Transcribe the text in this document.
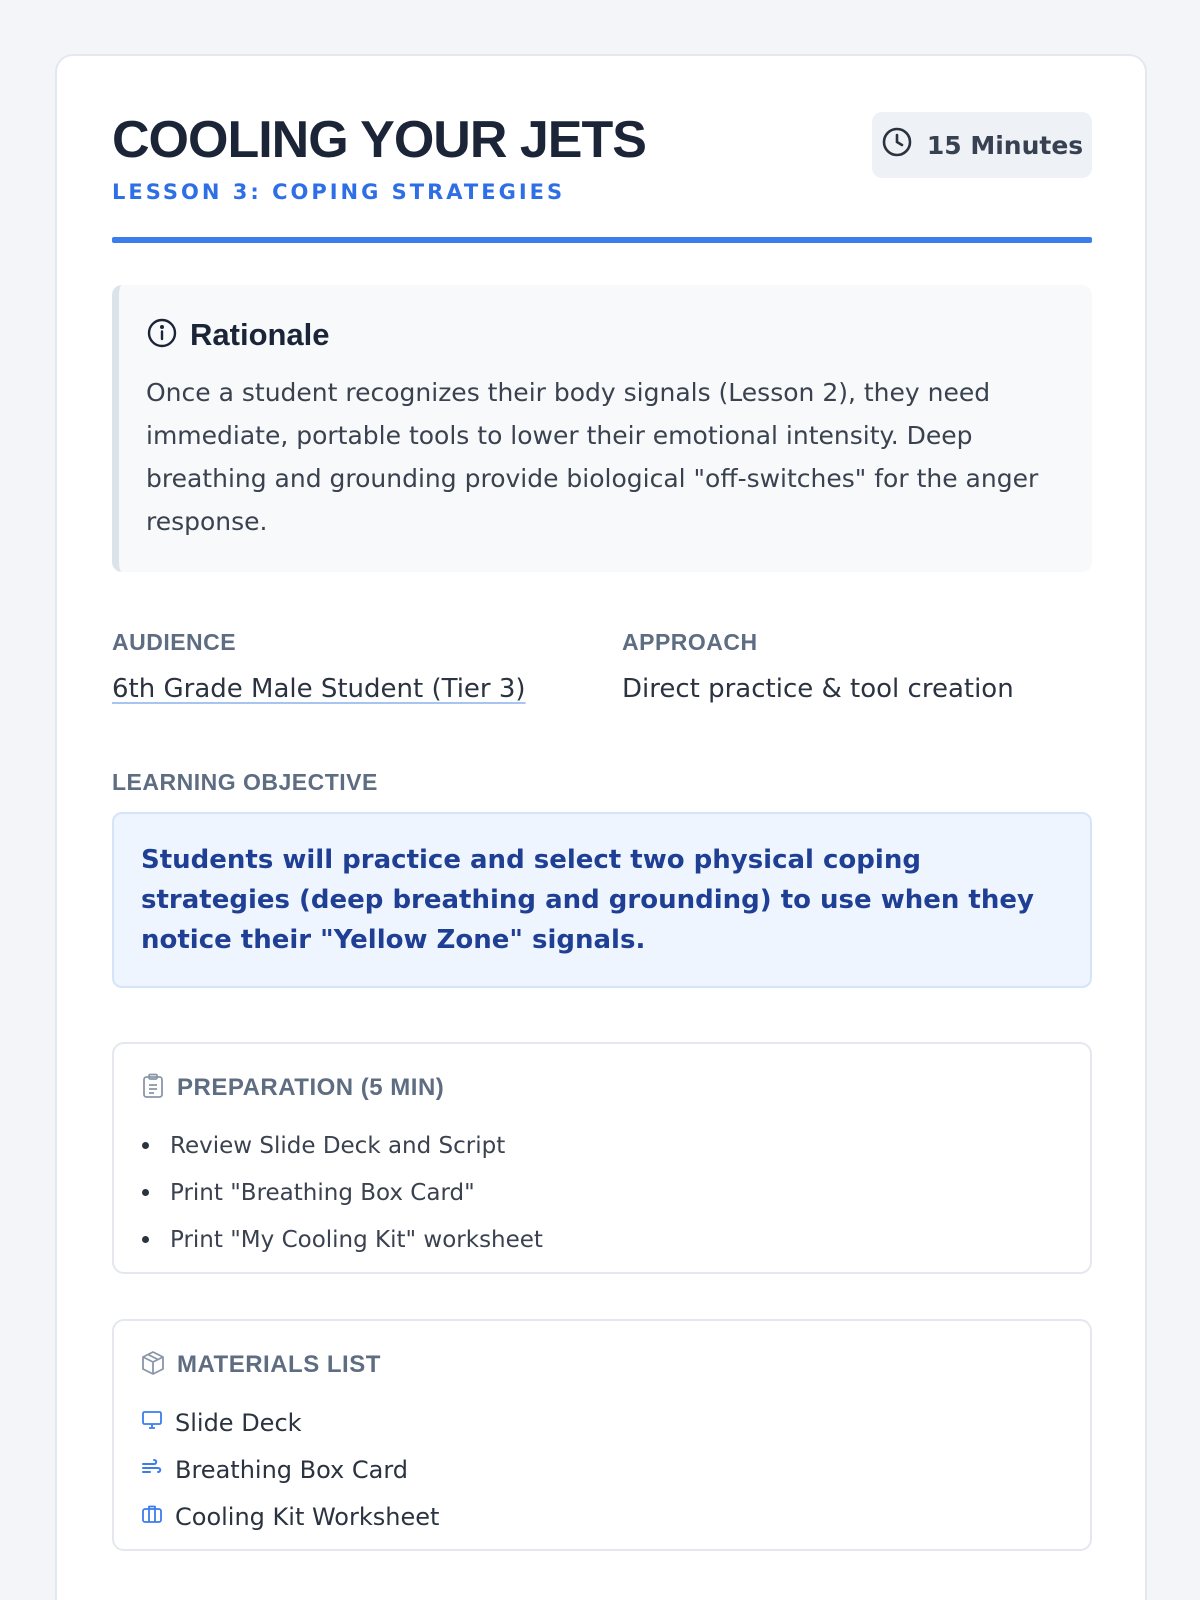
COOLING YOUR JETS
LESSON 3: COPING STRATEGIES
15 Minutes
Rationale

Once a student recognizes their body signals (Lesson 2), they need immediate, portable tools to lower their emotional intensity. Deep breathing and grounding provide biological "off-switches" for the anger response.

AUDIENCE
6th Grade Male Student (Tier 3)
APPROACH
Direct practice & tool creation
LEARNING OBJECTIVE

Students will practice and select two physical coping strategies (deep breathing and grounding) to use when they notice their "Yellow Zone" signals.

PREPARATION (5 MIN)
Review Slide Deck and Script
Print "Breathing Box Card"
Print "My Cooling Kit" worksheet
MATERIALS LIST
Slide Deck
Breathing Box Card
Cooling Kit Worksheet
